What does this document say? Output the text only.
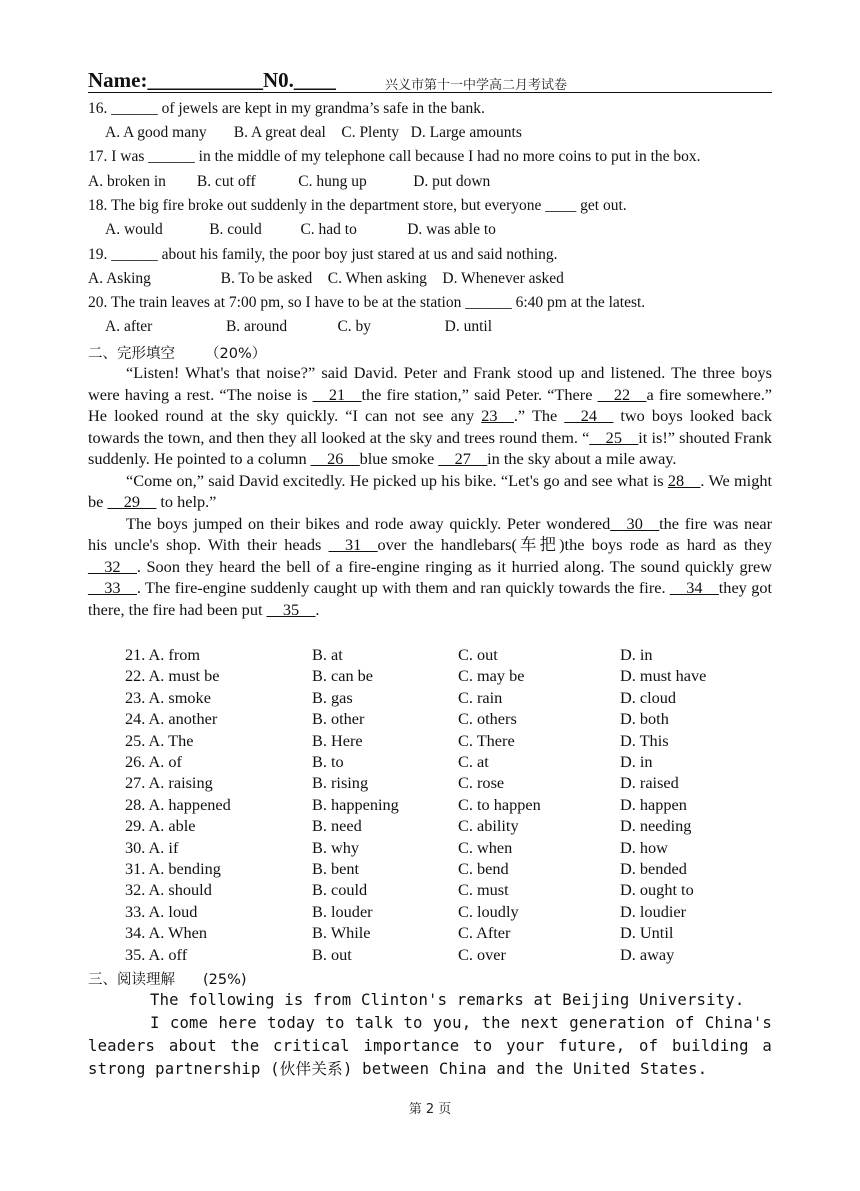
Name:___________N0.____	兴义市第十一中学高二月考试卷
16. ______ of jewels are kept in my grandma’s safe in the bank.
A. A good many       B. A great deal    C. Plenty   D. Large amounts
17. I was ______ in the middle of my telephone call because I had no more coins to put in the box.
A. broken in        B. cut off           C. hung up            D. put down
18. The big fire broke out suddenly in the department store, but everyone ____ get out.
A. would            B. could          C. had to             D. was able to
19. ______ about his family, the poor boy just stared at us and said nothing.
A. Asking                  B. To be asked    C. When asking    D. Whenever asked
20. The train leaves at 7:00 pm, so I have to be at the station ______ 6:40 pm at the latest.
A. after                   B. around             C. by                   D. until
二、完形填空 （20%）

“Listen! What's that noise?” said David. Peter and Frank stood up and listened. The three boys were having a rest. “The noise is __21__the fire station,” said Peter. “There __22__a fire somewhere.” He looked round at the sky quickly. “I can not see any 23__.” The __24__ two boys looked back towards the town, and then they all looked at the sky and trees round them. “__25__it is!” shouted Frank suddenly. He pointed to a column __26__blue smoke __27__in the sky about a mile away.

“Come on,” said David excitedly. He picked up his bike. “Let's go and see what is 28__. We might be __29__ to help.”

The boys jumped on their bikes and rode away quickly. Peter wondered__30__the fire was near his uncle's shop. With their heads __31__over the handlebars(车把)the boys rode as hard as they __32__. Soon they heard the bell of a fire-engine ringing as it hurried along. The sound quickly grew __33__. The fire-engine suddenly caught up with them and ran quickly towards the fire. __34__they got there, the fire had been put __35__.

21. A. from	B. at	C. out	D. in
22. A. must be	B. can be	C. may be	D. must have
23. A. smoke	B. gas	C. rain	D. cloud
24. A. another	B. other	C. others	D. both
25. A. The	B. Here	C. There	D. This
26. A. of	B. to	C. at	D. in
27. A. raising	B. rising	C. rose	D. raised
28. A. happened	B. happening	C. to happen	D. happen
29. A. able	B. need	C. ability	D. needing
30. A. if	B. why	C. when	D. how
31. A. bending	B. bent	C. bend	D. bended
32. A. should	B. could	C. must	D. ought to
33. A. loud	B. louder	C. loudly	D. loudier
34. A. When	B. While	C. After	D. Until
35. A. off	B. out	C. over	D. away
三、阅读理解 (25%)

The following is from Clinton's remarks at Beijing University.

I come here today to talk to you, the next generation of China's leaders about the critical importance to your future, of building a strong partnership (伙伴关系) between China and the United States.

第 2 页
